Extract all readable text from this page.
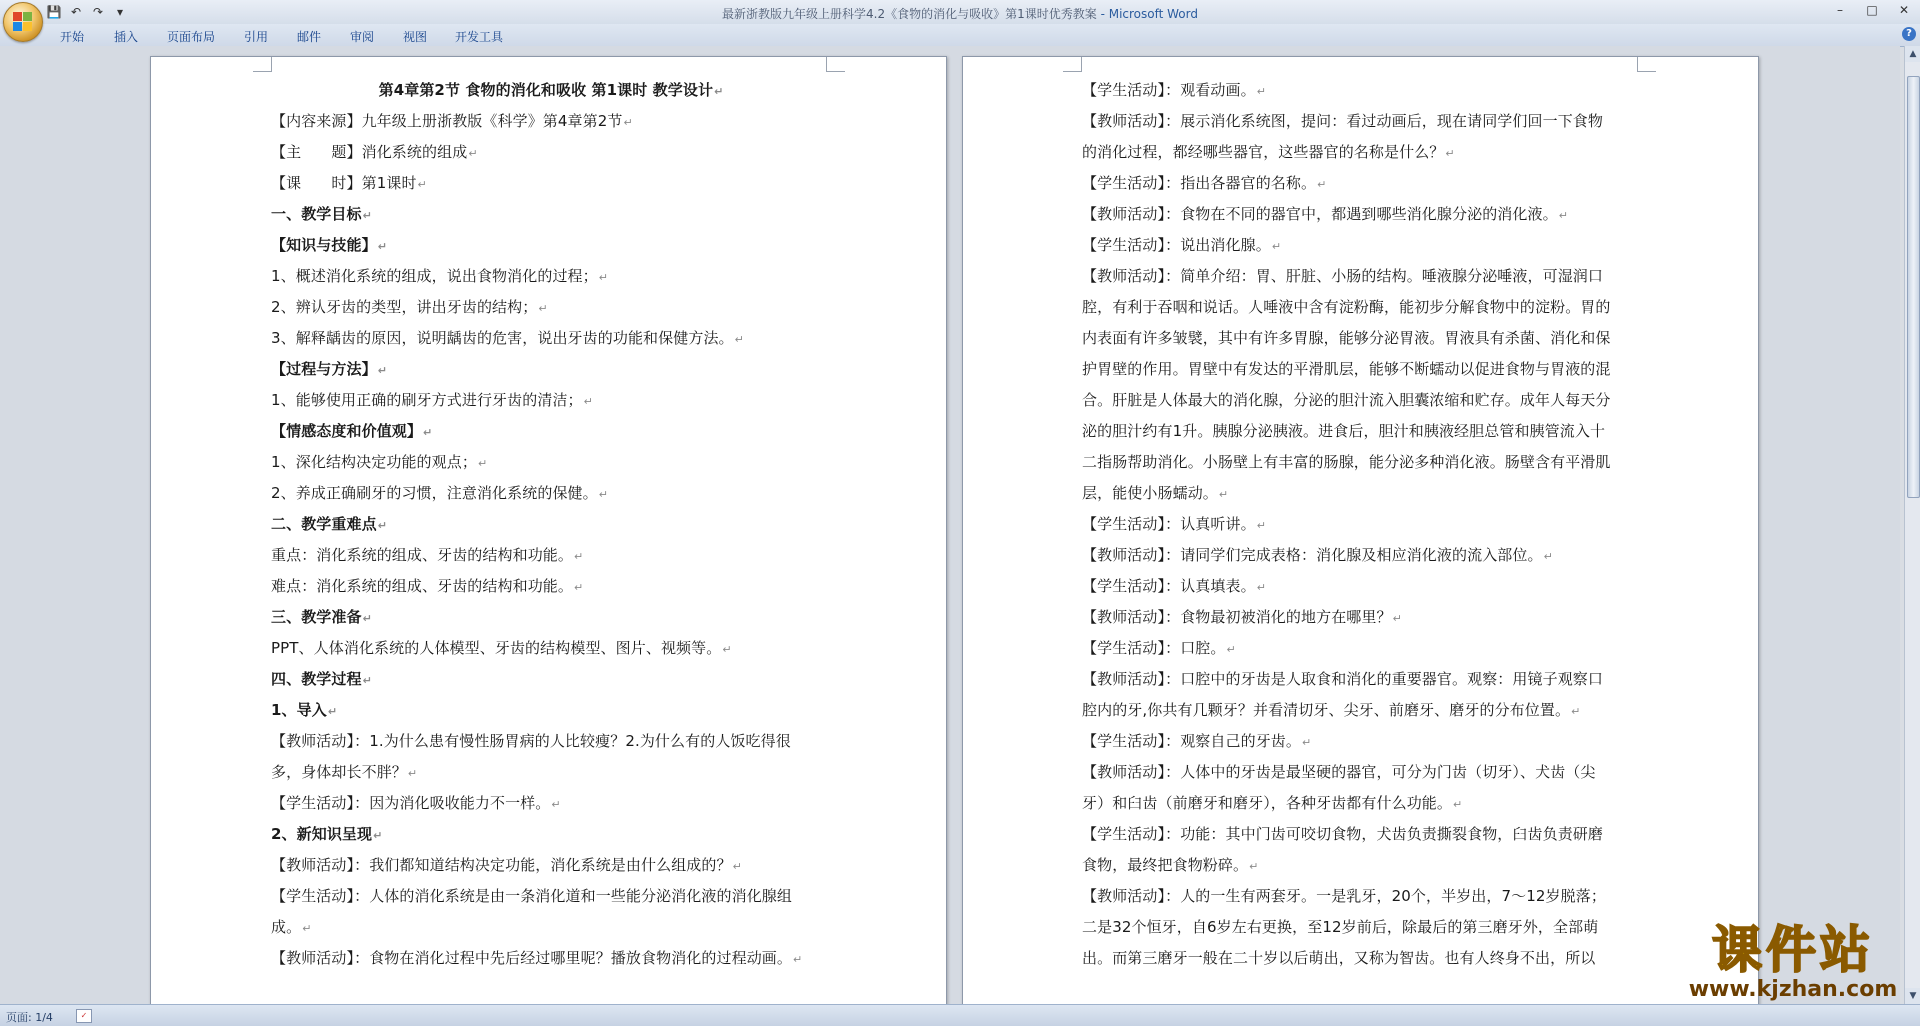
💾 ↶ ↷	▾	最新浙教版九年级上册科学4.2《食物的消化与吸收》第1课时优秀教案 - Microsoft Word	–	□	✕
开始 插入 页面布局 引用 邮件 审阅 视图 开发工具	?
第4章第2节 食物的消化和吸收 第1课时 教学设计↵
【内容来源】九年级上册浙教版《科学》第4章第2节↵
【主　　题】消化系统的组成↵
【课　　时】第1课时↵
一、教学目标↵
【知识与技能】↵
1、概述消化系统的组成，说出食物消化的过程；↵
2、辨认牙齿的类型，讲出牙齿的结构；↵
3、解释龋齿的原因，说明龋齿的危害，说出牙齿的功能和保健方法。↵
【过程与方法】↵
1、能够使用正确的刷牙方式进行牙齿的清洁；↵
【情感态度和价值观】↵
1、深化结构决定功能的观点；↵
2、养成正确刷牙的习惯，注意消化系统的保健。↵
二、教学重难点↵
重点：消化系统的组成、牙齿的结构和功能。↵
难点：消化系统的组成、牙齿的结构和功能。↵
三、教学准备↵
PPT、人体消化系统的人体模型、牙齿的结构模型、图片、视频等。↵
四、教学过程↵
1、导入↵
【教师活动】：1.为什么患有慢性肠胃病的人比较瘦？2.为什么有的人饭吃得很
多，身体却长不胖？↵
【学生活动】：因为消化吸收能力不一样。↵
2、新知识呈现↵
【教师活动】：我们都知道结构决定功能，消化系统是由什么组成的？↵
【学生活动】：人体的消化系统是由一条消化道和一些能分泌消化液的消化腺组
成。↵
【教师活动】：食物在消化过程中先后经过哪里呢？播放食物消化的过程动画。↵
【学生活动】：观看动画。↵
【教师活动】：展示消化系统图，提问：看过动画后，现在请同学们回一下食物
的消化过程，都经哪些器官，这些器官的名称是什么？↵
【学生活动】：指出各器官的名称。↵
【教师活动】：食物在不同的器官中，都遇到哪些消化腺分泌的消化液。↵
【学生活动】：说出消化腺。↵
【教师活动】：简单介绍：胃、肝脏、小肠的结构。唾液腺分泌唾液，可湿润口
腔，有利于吞咽和说话。人唾液中含有淀粉酶，能初步分解食物中的淀粉。胃的
内表面有许多皱襞，其中有许多胃腺，能够分泌胃液。胃液具有杀菌、消化和保
护胃壁的作用。胃壁中有发达的平滑肌层，能够不断蠕动以促进食物与胃液的混
合。肝脏是人体最大的消化腺，分泌的胆汁流入胆囊浓缩和贮存。成年人每天分
泌的胆汁约有1升。胰腺分泌胰液。进食后，胆汁和胰液经胆总管和胰管流入十
二指肠帮助消化。小肠壁上有丰富的肠腺，能分泌多种消化液。肠壁含有平滑肌
层，能使小肠蠕动。↵
【学生活动】：认真听讲。↵
【教师活动】：请同学们完成表格：消化腺及相应消化液的流入部位。↵
【学生活动】：认真填表。↵
【教师活动】：食物最初被消化的地方在哪里？↵
【学生活动】：口腔。↵
【教师活动】：口腔中的牙齿是人取食和消化的重要器官。观察：用镜子观察口
腔内的牙,你共有几颗牙？并看清切牙、尖牙、前磨牙、磨牙的分布位置。↵
【学生活动】：观察自己的牙齿。↵
【教师活动】：人体中的牙齿是最坚硬的器官，可分为门齿（切牙）、犬齿（尖
牙）和臼齿（前磨牙和磨牙），各种牙齿都有什么功能。↵
【学生活动】：功能：其中门齿可咬切食物，犬齿负责撕裂食物，臼齿负责研磨
食物，最终把食物粉碎。↵
【教师活动】：人的一生有两套牙。一是乳牙，20个，半岁出，7～12岁脱落；
二是32个恒牙，自6岁左右更换，至12岁前后，除最后的第三磨牙外，全部萌
出。而第三磨牙一般在二十岁以后萌出，又称为智齿。也有人终身不出，所以
▲
▼
页面: 1/4	✓
课件站
www.kjzhan.com
